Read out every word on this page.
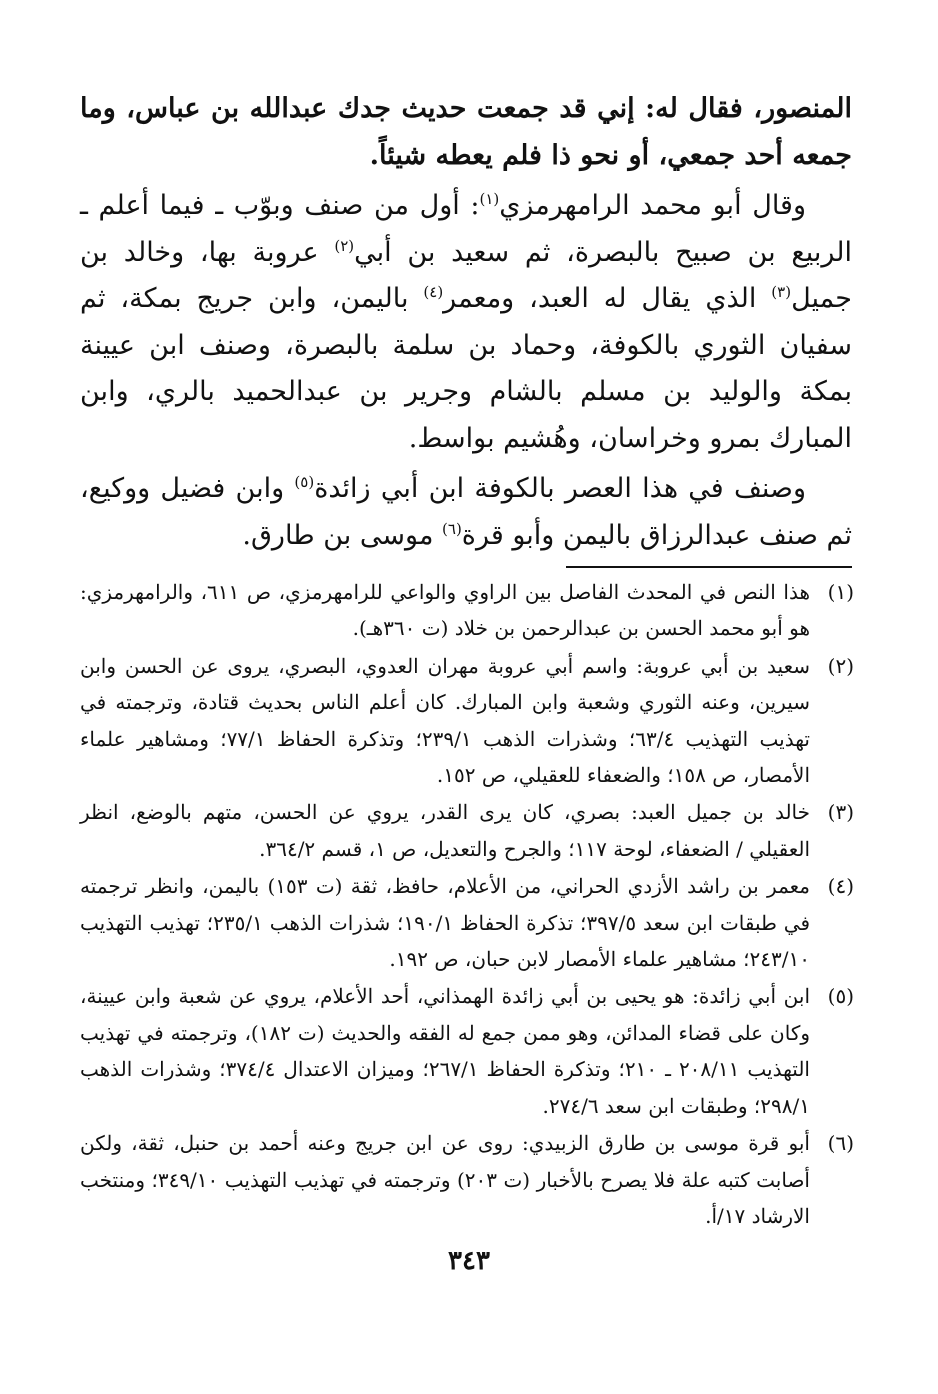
المنصور، فقال له: إني قد جمعت حديث جدك عبدالله بن عباس، وما جمعه أحد جمعي، أو نحو ذا فلم يعطه شيئاً.

وقال أبو محمد الرامهرمزي$^{(١)}$: أول من صنف وبوّب ـ فيما أعلم ـ الربيع بن صبيح بالبصرة، ثم سعيد بن أبي$^{(٢)}$ عروبة بها، وخالد بن جميل$^{(٣)}$ الذي يقال له العبد، ومعمر$^{(٤)}$ باليمن، وابن جريج بمكة، ثم سفيان الثوري بالكوفة، وحماد بن سلمة بالبصرة، وصنف ابن عيينة بمكة والوليد بن مسلم بالشام وجرير بن عبدالحميد بالري، وابن المبارك بمرو وخراسان، وهُشيم بواسط.

وصنف في هذا العصر بالكوفة ابن أبي زائدة$^{(٥)}$ وابن فضيل ووكيع، ثم صنف عبدالرزاق باليمن وأبو قرة$^{(٦)}$ موسى بن طارق.

(١)
هذا النص في المحدث الفاصل بين الراوي والواعي للرامهرمزي، ص ٦١١، والرامهرمزي: هو أبو محمد الحسن بن عبدالرحمن بن خلاد (ت ٣٦٠هـ).
(٢)
سعيد بن أبي عروبة: واسم أبي عروبة مهران العدوي، البصري، يروى عن الحسن وابن سيرين، وعنه الثوري وشعبة وابن المبارك. كان أعلم الناس بحديث قتادة، وترجمته في تهذيب التهذيب ٦٣/٤؛ وشذرات الذهب ٢٣٩/١؛ وتذكرة الحفاظ ٧٧/١؛ ومشاهير علماء الأمصار، ص ١٥٨؛ والضعفاء للعقيلي، ص ١٥٢.
(٣)
خالد بن جميل العبد: بصري، كان يرى القدر، يروي عن الحسن، متهم بالوضع، انظر العقيلي / الضعفاء، لوحة ١١٧؛ والجرح والتعديل، ص ١، قسم ٣٦٤/٢.
(٤)
معمر بن راشد الأزدي الحراني، من الأعلام، حافظ، ثقة (ت ١٥٣) باليمن، وانظر ترجمته في طبقات ابن سعد ٣٩٧/٥؛ تذكرة الحفاظ ١٩٠/١؛ شذرات الذهب ٢٣٥/١؛ تهذيب التهذيب ٢٤٣/١٠؛ مشاهير علماء الأمصار لابن حبان، ص ١٩٢.
(٥)
ابن أبي زائدة: هو يحيى بن أبي زائدة الهمذاني، أحد الأعلام، يروي عن شعبة وابن عيينة، وكان على قضاء المدائن، وهو ممن جمع له الفقه والحديث (ت ١٨٢)، وترجمته في تهذيب التهذيب ٢٠٨/١١ ـ ٢١٠؛ وتذكرة الحفاظ ٢٦٧/١؛ وميزان الاعتدال ٣٧٤/٤؛ وشذرات الذهب ٢٩٨/١؛ وطبقات ابن سعد ٢٧٤/٦.
(٦)
أبو قرة موسى بن طارق الزبيدي: روى عن ابن جريج وعنه أحمد بن حنبل، ثقة، ولكن أصابت كتبه علة فلا يصرح بالأخبار (ت ٢٠٣) وترجمته في تهذيب التهذيب ٣٤٩/١٠؛ ومنتخب الارشاد ١٧/أ.
٣٤٣
